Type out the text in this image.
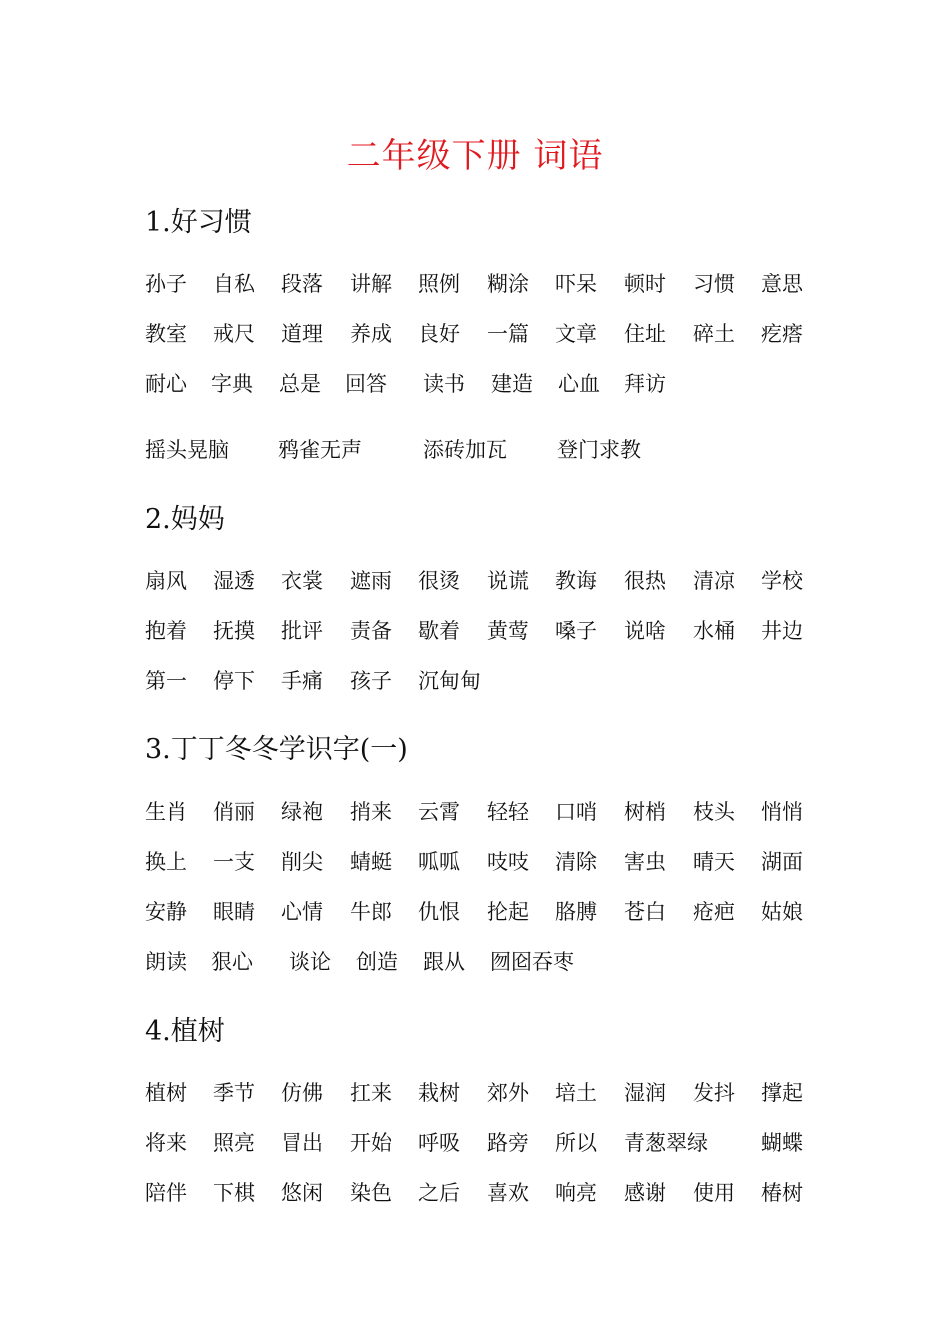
二年级下册 词语
1.好习惯
孙子 自私 段落 讲解 照例 糊涂 吓呆 顿时 习惯 意思
教室 戒尺 道理 养成 良好 一篇 文章 住址 碎土 疙瘩
耐心 字典 总是 回答 读书 建造 心血 拜访
摇头晃脑 鸦雀无声	添砖加瓦 登门求教
2.妈妈
扇风 湿透 衣裳 遮雨 很烫 说谎 教诲 很热 清凉 学校
抱着 抚摸 批评 责备 歇着 黄莺 嗓子 说啥 水桶 井边
第一 停下 手痛 孩子 沉甸甸
3.丁丁冬冬学识字(一)
生肖 俏丽 绿袍 捎来 云霄 轻轻 口哨 树梢 枝头 悄悄
换上 一支 削尖 蜻蜓 呱呱 吱吱 清除 害虫 晴天 湖面
安静 眼睛 心情 牛郎 仇恨 抡起 胳膊 苍白 疮疤 姑娘
朗读 狠心 谈论 创造 跟从 囫囵吞枣
4.植树
植树 季节 仿佛 扛来 栽树 郊外 培土 湿润 发抖 撑起
将来 照亮 冒出 开始 呼吸 路旁 所以 青葱翠绿	蝴蝶
陪伴 下棋 悠闲 染色 之后 喜欢 响亮 感谢 使用 椿树
